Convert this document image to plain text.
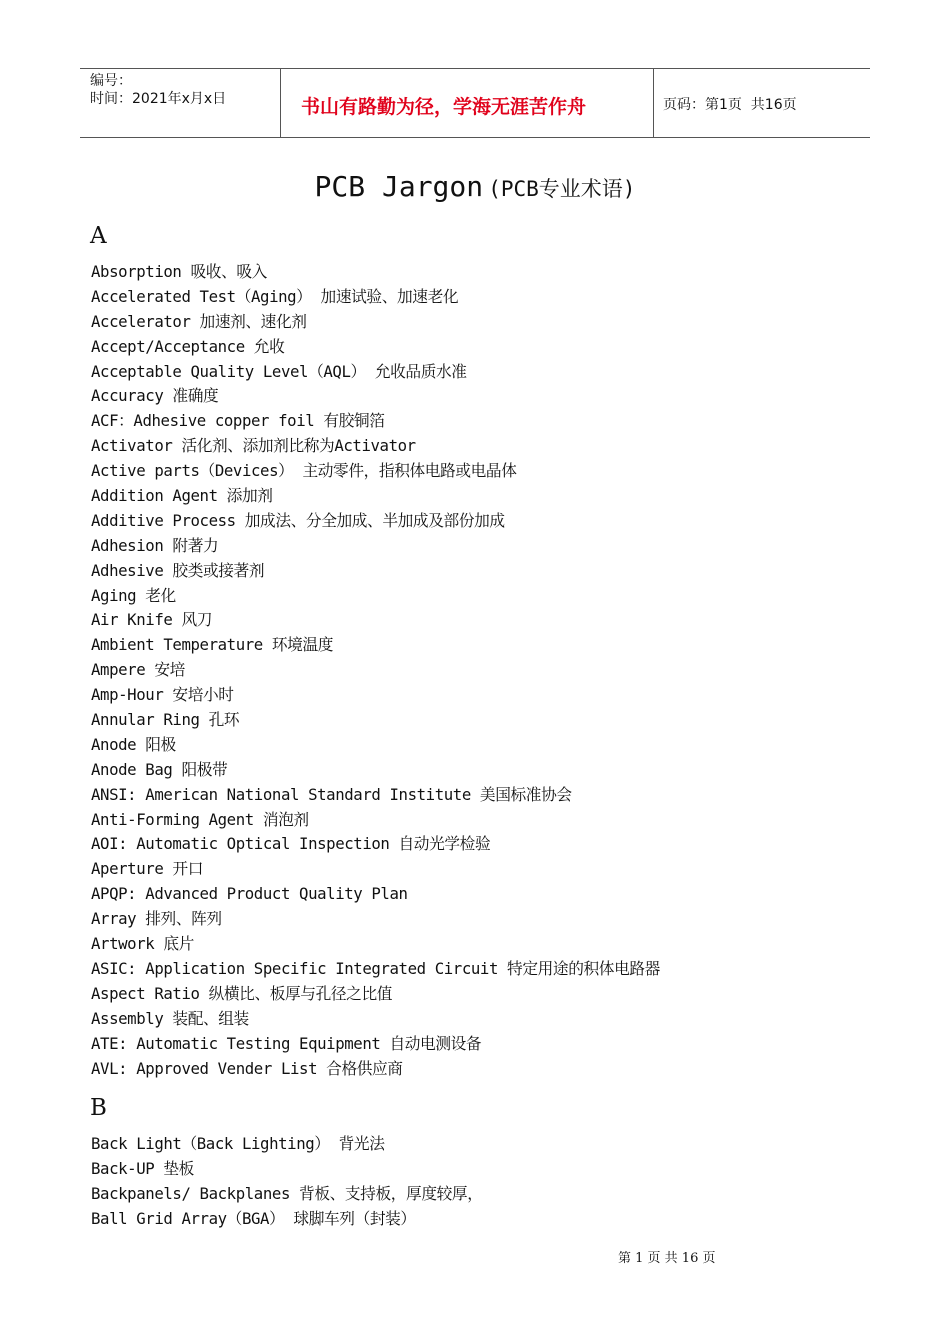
编号：
时间：2021年x月x日	书山有路勤为径，学海无涯苦作舟	页码：第1页  共16页
PCB Jargon (PCB专业术语)
A
Absorption 吸收、吸入
Accelerated Test（Aging） 加速试验、加速老化
Accelerator 加速剂、速化剂
Accept/Acceptance 允收
Acceptable Quality Level（AQL） 允收品质水准
Accuracy 准确度
ACF：Adhesive copper foil 有胶铜箔
Activator 活化剂、添加剂比称为Activator
Active parts（Devices） 主动零件，指积体电路或电晶体
Addition Agent 添加剂
Additive Process 加成法、分全加成、半加成及部份加成
Adhesion 附著力
Adhesive 胶类或接著剂
Aging 老化
Air Knife 风刀
Ambient Temperature 环境温度
Ampere 安培
Amp-Hour 安培小时
Annular Ring 孔环
Anode 阳极
Anode Bag 阳极带
ANSI: American National Standard Institute 美国标准协会
Anti-Forming Agent 消泡剂
AOI: Automatic Optical Inspection 自动光学检验
Aperture 开口
APQP: Advanced Product Quality Plan
Array 排列、阵列
Artwork 底片
ASIC: Application Specific Integrated Circuit 特定用途的积体电路器
Aspect Ratio 纵横比、板厚与孔径之比值
Assembly 装配、组装
ATE: Automatic Testing Equipment 自动电测设备
AVL: Approved Vender List 合格供应商
B
Back Light（Back Lighting） 背光法
Back-UP 垫板
Backpanels/ Backplanes 背板、支持板，厚度较厚，
Ball Grid Array（BGA） 球脚车列（封装）
第 1 页 共 16 页
